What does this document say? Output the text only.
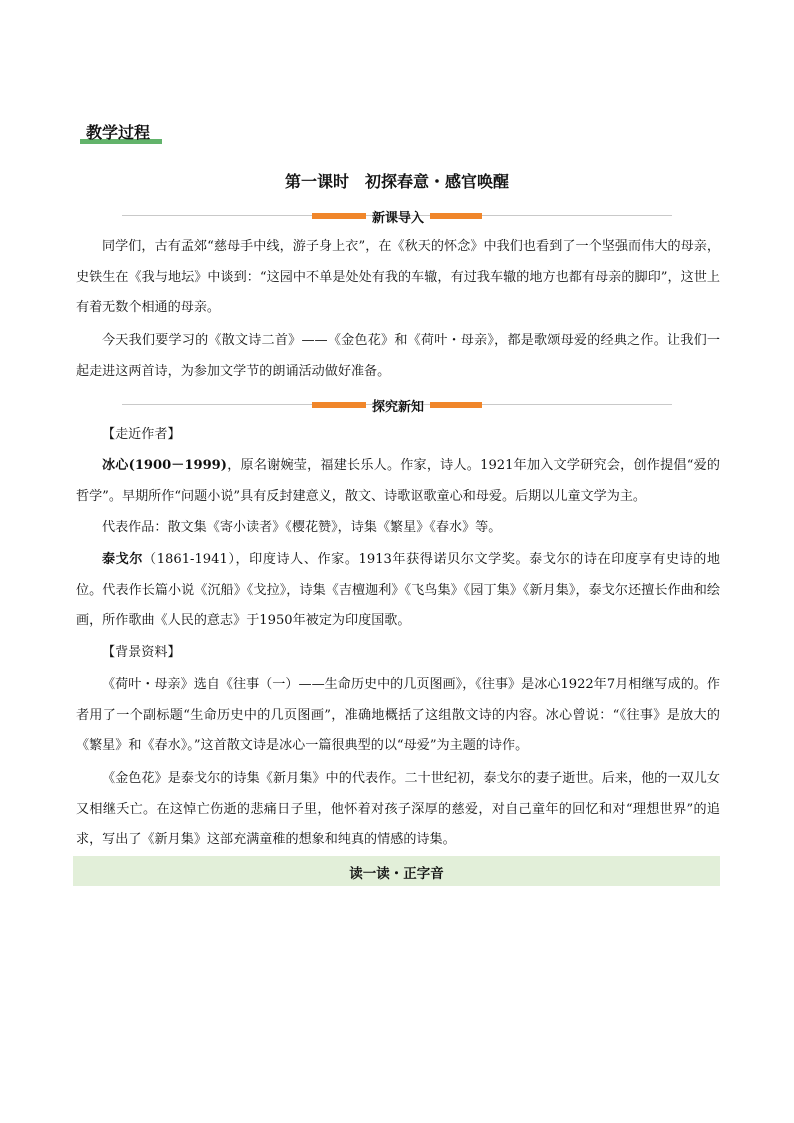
教学过程
第一课时　初探春意・感官唤醒
新课导入
同学们，古有孟郊“慈母手中线，游子身上衣”，在《秋天的怀念》中我们也看到了一个坚强而伟大的母亲，史铁生在《我与地坛》中谈到：“这园中不单是处处有我的车辙，有过我车辙的地方也都有母亲的脚印”，这世上有着无数个相通的母亲。
今天我们要学习的《散文诗二首》——《金色花》和《荷叶・母亲》，都是歌颂母爱的经典之作。让我们一起走进这两首诗，为参加文学节的朗诵活动做好准备。
探究新知
【走近作者】
冰心(1900－1999)，原名谢婉莹，福建长乐人。作家，诗人。1921年加入文学研究会，创作提倡“爱的哲学”。早期所作“问题小说”具有反封建意义，散文、诗歌讴歌童心和母爱。后期以儿童文学为主。
代表作品：散文集《寄小读者》《樱花赞》，诗集《繁星》《春水》等。
泰戈尔（1861-1941），印度诗人、作家。1913年获得诺贝尔文学奖。泰戈尔的诗在印度享有史诗的地位。代表作长篇小说《沉船》《戈拉》，诗集《吉檀迦利》《飞鸟集》《园丁集》《新月集》，泰戈尔还擅长作曲和绘画，所作歌曲《人民的意志》于1950年被定为印度国歌。
【背景资料】
《荷叶・母亲》选自《往事（一）——生命历史中的几页图画》，《往事》是冰心1922年7月相继写成的。作者用了一个副标题“生命历史中的几页图画”，准确地概括了这组散文诗的内容。冰心曾说：“《往事》是放大的《繁星》和《春水》。”这首散文诗是冰心一篇很典型的以“母爱”为主题的诗作。
《金色花》是泰戈尔的诗集《新月集》中的代表作。二十世纪初，泰戈尔的妻子逝世。后来，他的一双儿女又相继夭亡。在这悼亡伤逝的悲痛日子里，他怀着对孩子深厚的慈爱，对自己童年的回忆和对“理想世界”的追求，写出了《新月集》这部充满童稚的想象和纯真的情感的诗集。
读一读・正字音
